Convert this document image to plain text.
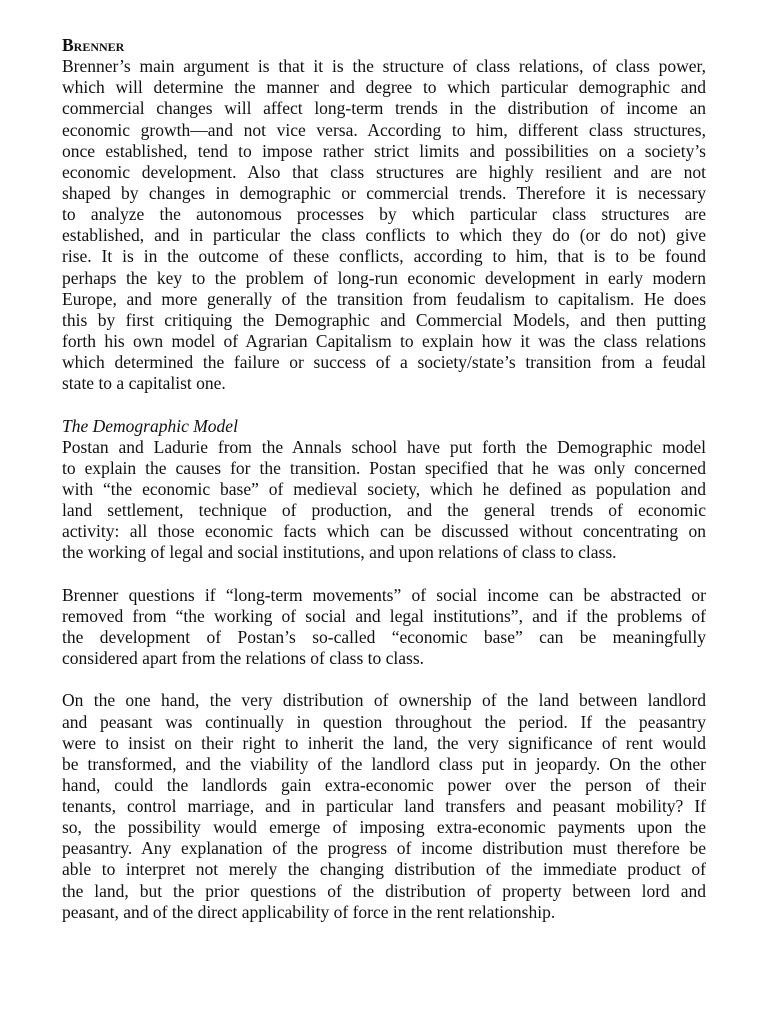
Brenner
Brenner’s main argument is that it is the structure of class relations, of class power,
which will determine the manner and degree to which particular demographic and
commercial changes will affect long-term trends in the distribution of income an
economic growth—and not vice versa. According to him, different class structures,
once established, tend to impose rather strict limits and possibilities on a society’s
economic development. Also that class structures are highly resilient and are not
shaped by changes in demographic or commercial trends. Therefore it is necessary
to analyze the autonomous processes by which particular class structures are
established, and in particular the class conflicts to which they do (or do not) give
rise. It is in the outcome of these conflicts, according to him, that is to be found
perhaps the key to the problem of long-run economic development in early modern
Europe, and more generally of the transition from feudalism to capitalism. He does
this by first critiquing the Demographic and Commercial Models, and then putting
forth his own model of Agrarian Capitalism to explain how it was the class relations
which determined the failure or success of a society/state’s transition from a feudal
state to a capitalist one.
The Demographic Model
Postan and Ladurie from the Annals school have put forth the Demographic model
to explain the causes for the transition. Postan specified that he was only concerned
with “the economic base” of medieval society, which he defined as population and
land settlement, technique of production, and the general trends of economic
activity: all those economic facts which can be discussed without concentrating on
the working of legal and social institutions, and upon relations of class to class.
Brenner questions if “long-term movements” of social income can be abstracted or
removed from “the working of social and legal institutions”, and if the problems of
the development of Postan’s so-called “economic base” can be meaningfully
considered apart from the relations of class to class.
On the one hand, the very distribution of ownership of the land between landlord
and peasant was continually in question throughout the period. If the peasantry
were to insist on their right to inherit the land, the very significance of rent would
be transformed, and the viability of the landlord class put in jeopardy. On the other
hand, could the landlords gain extra-economic power over the person of their
tenants, control marriage, and in particular land transfers and peasant mobility? If
so, the possibility would emerge of imposing extra-economic payments upon the
peasantry. Any explanation of the progress of income distribution must therefore be
able to interpret not merely the changing distribution of the immediate product of
the land, but the prior questions of the distribution of property between lord and
peasant, and of the direct applicability of force in the rent relationship.
